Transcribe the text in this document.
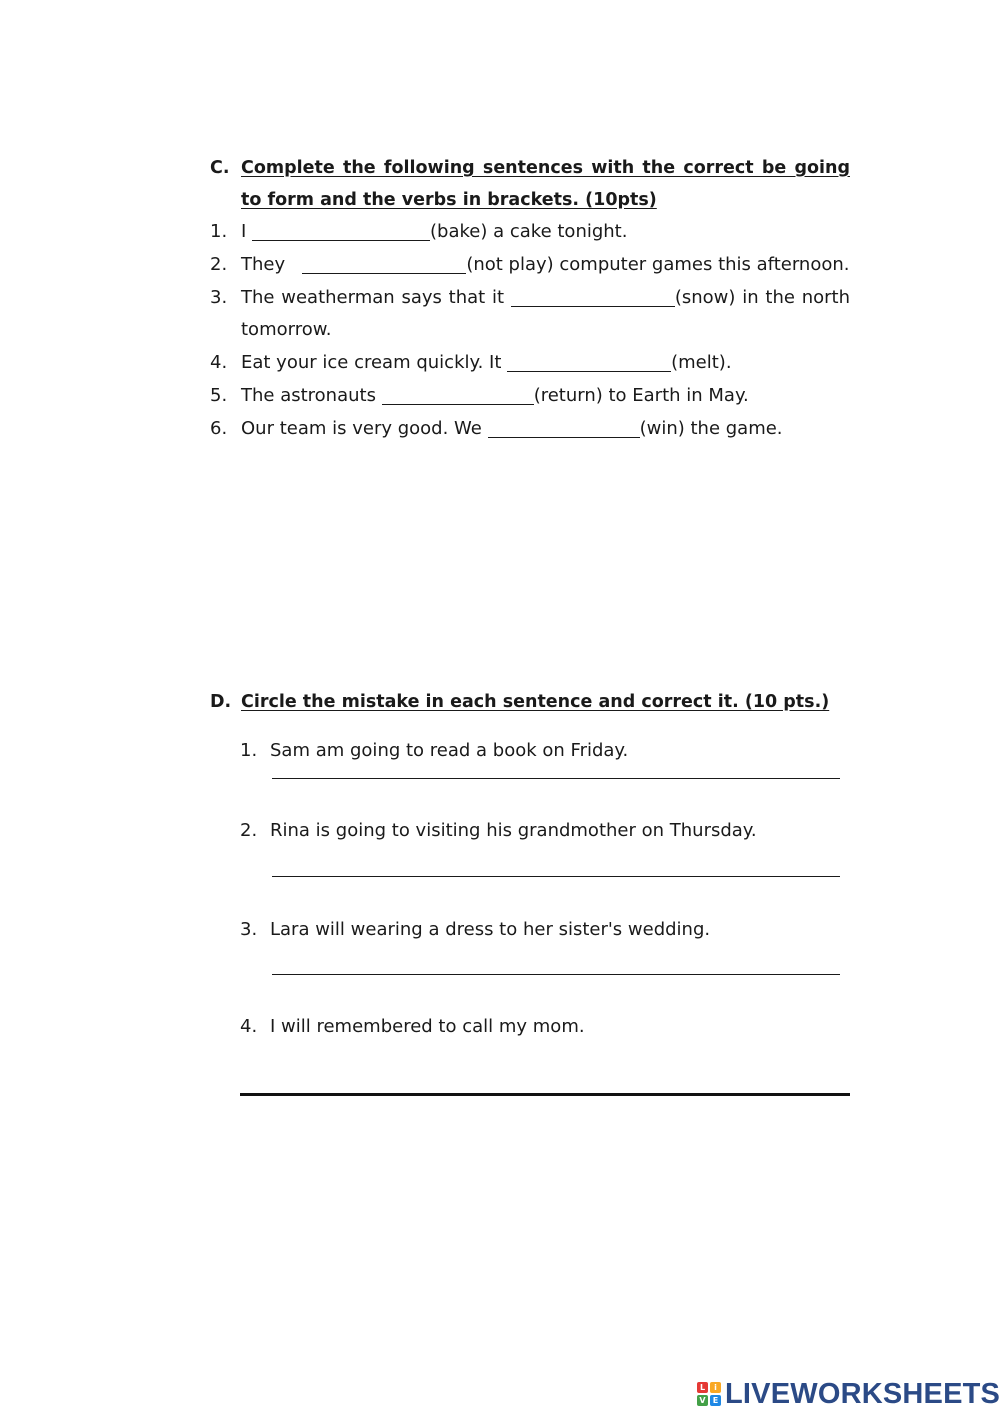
C. Complete the following sentences with the correct be going to form and the verbs in brackets. (10pts)
1. I	(bake) a cake tonight.
2. They	(not play) computer games this afternoon.
3. The weatherman says that it	(snow) in the north tomorrow.
4. Eat your ice cream quickly. It	(melt).
5. The astronauts	(return) to Earth in May.
6. Our team is very good. We	(win) the game.
D. Circle the mistake in each sentence and correct it. (10 pts.)
1. Sam am going to read a book on Friday.
2. Rina is going to visiting his grandmother on Thursday.
3. Lara will wearing a dress to her sister's wedding.
4. I will remembered to call my mom.
L	i
V E LIVEWORKSHEETS
